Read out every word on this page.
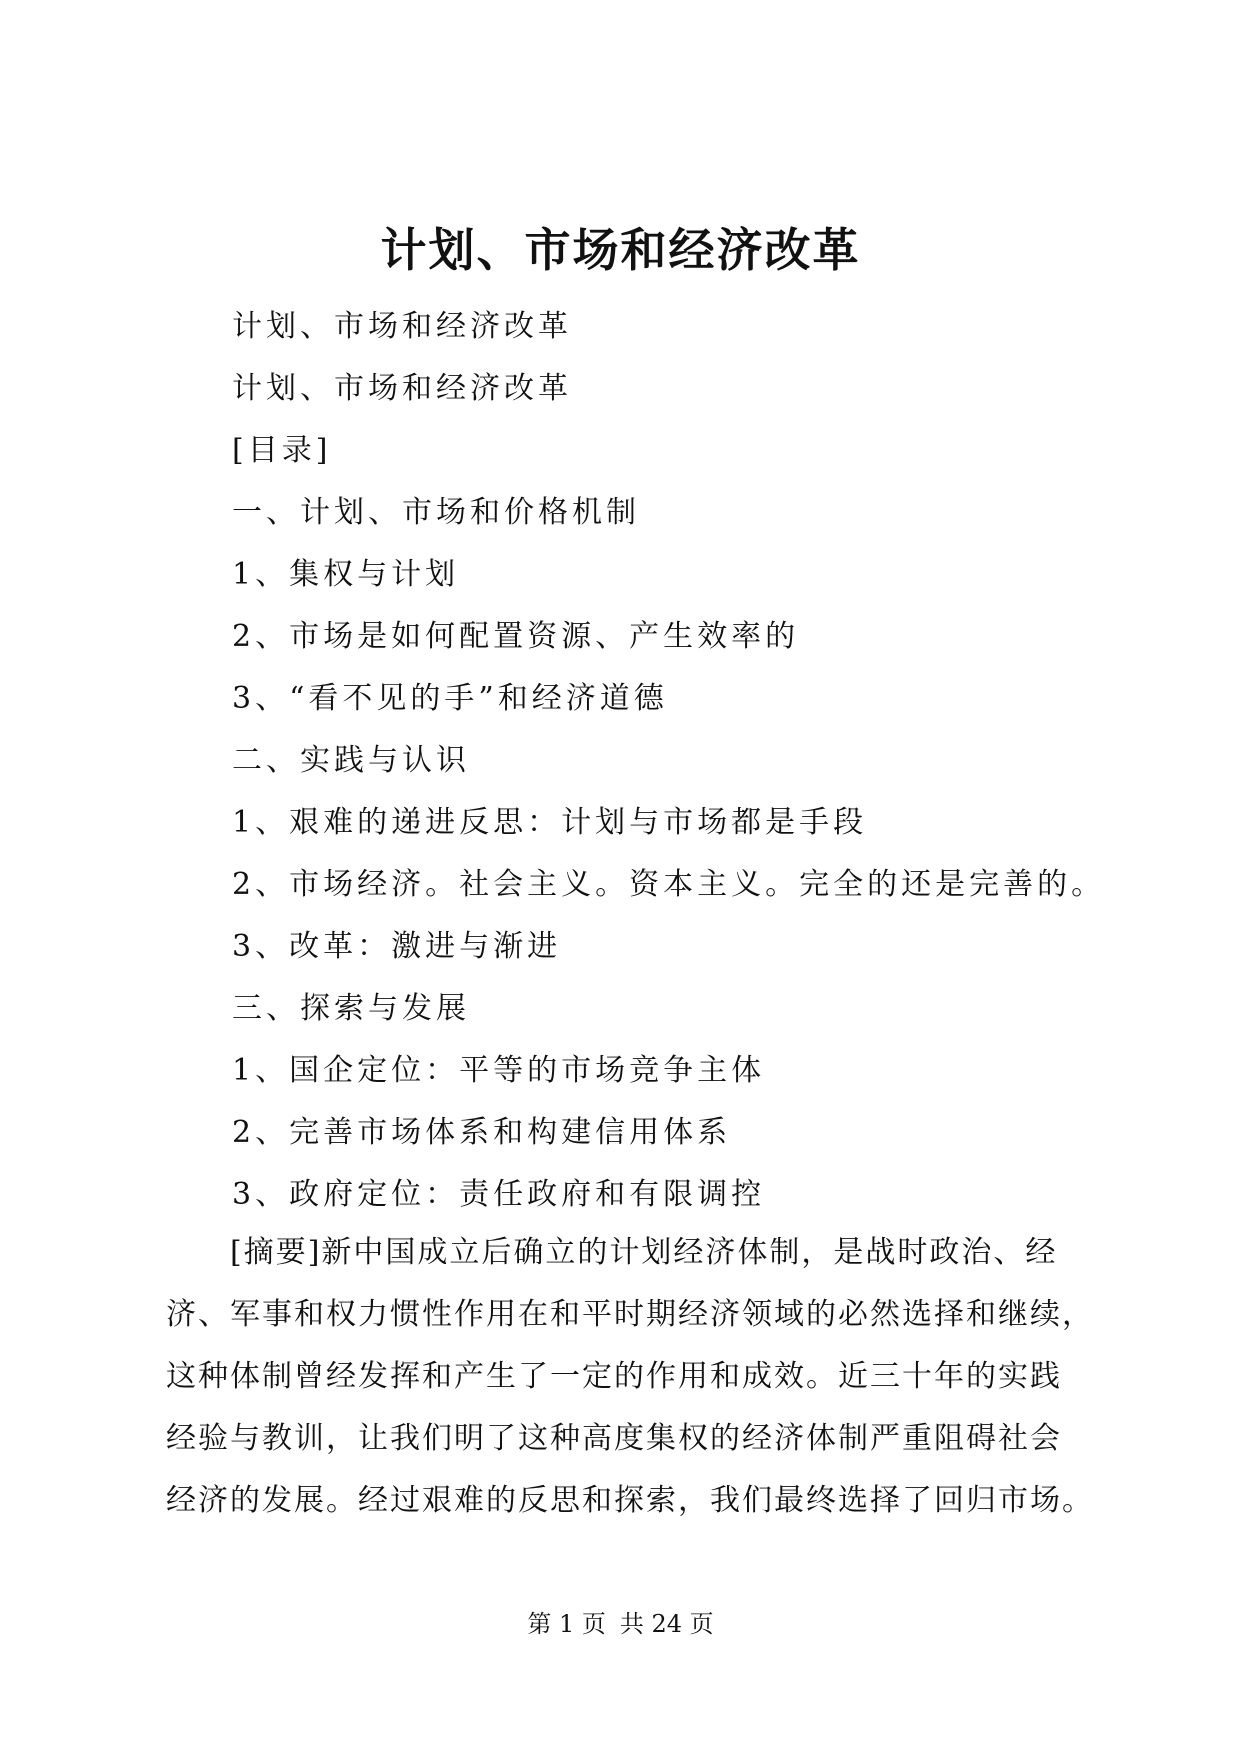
计划、市场和经济改革
计划、市场和经济改革
计划、市场和经济改革
[目录]
一、计划、市场和价格机制
1、集权与计划
2、市场是如何配置资源、产生效率的
3、“看不见的手”和经济道德
二、实践与认识
1、艰难的递进反思：计划与市场都是手段
2、市场经济。社会主义。资本主义。完全的还是完善的。
3、改革：激进与渐进
三、探索与发展
1、国企定位：平等的市场竞争主体
2、完善市场体系和构建信用体系
3、政府定位：责任政府和有限调控
[摘要]新中国成立后确立的计划经济体制，是战时政治、经
济、军事和权力惯性作用在和平时期经济领域的必然选择和继续，
这种体制曾经发挥和产生了一定的作用和成效。近三十年的实践
经验与教训，让我们明了这种高度集权的经济体制严重阻碍社会
经济的发展。经过艰难的反思和探索，我们最终选择了回归市场。
第 1 页 共 24 页
